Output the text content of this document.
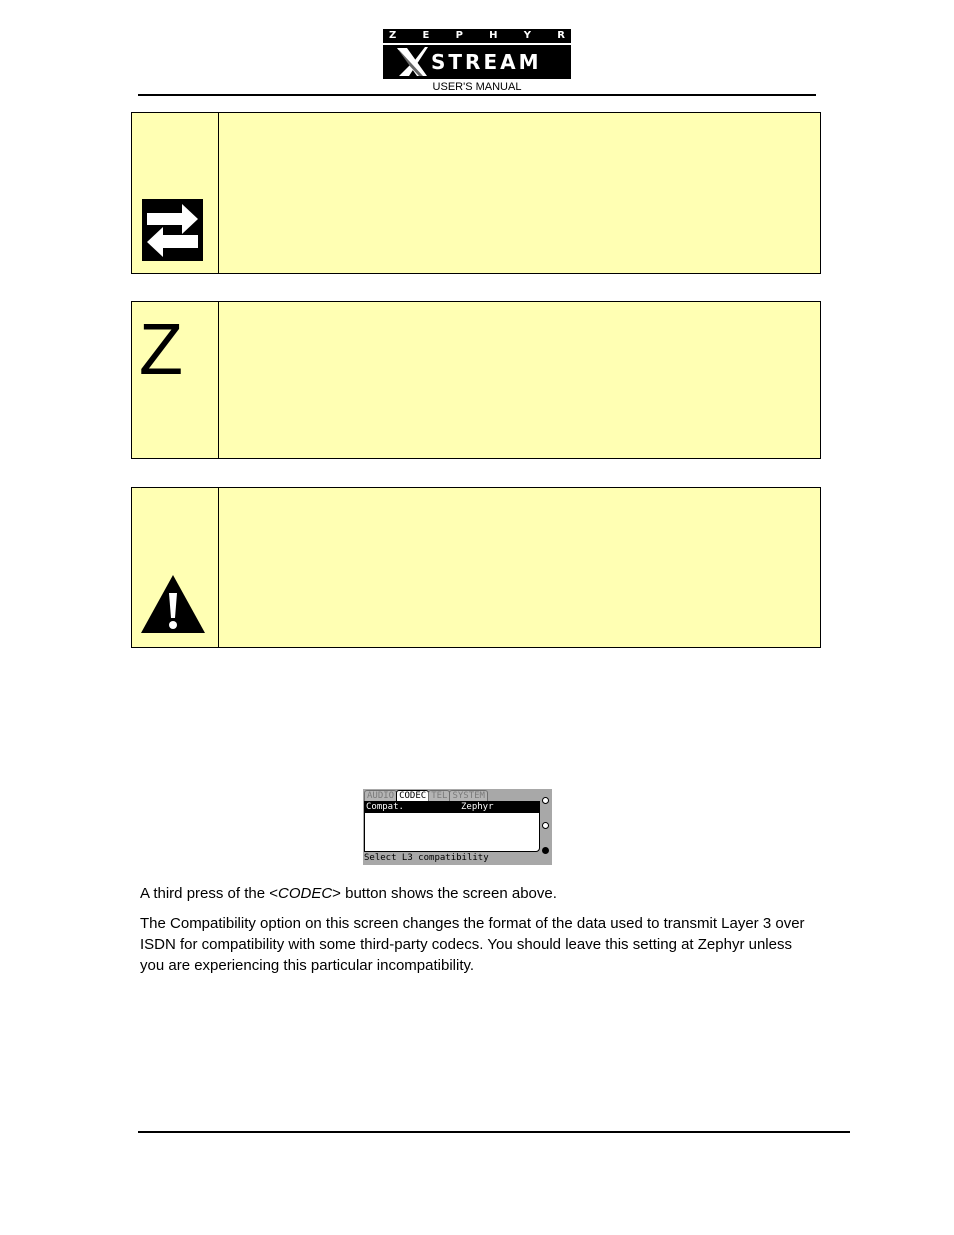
Z	E	P	H	Y	R
STREAM
USER'S MANUAL
Z
AUDIO CODEC TEL SYSTEM
Compat.	Zephyr
Select L3 compatibility

A third press of the <CODEC> button shows the screen above.

The Compatibility option on this screen changes the format of the data used to transmit Layer 3 over ISDN for compatibility with some third-party codecs. You should leave this setting at Zephyr unless you are experiencing this particular incompatibility.
